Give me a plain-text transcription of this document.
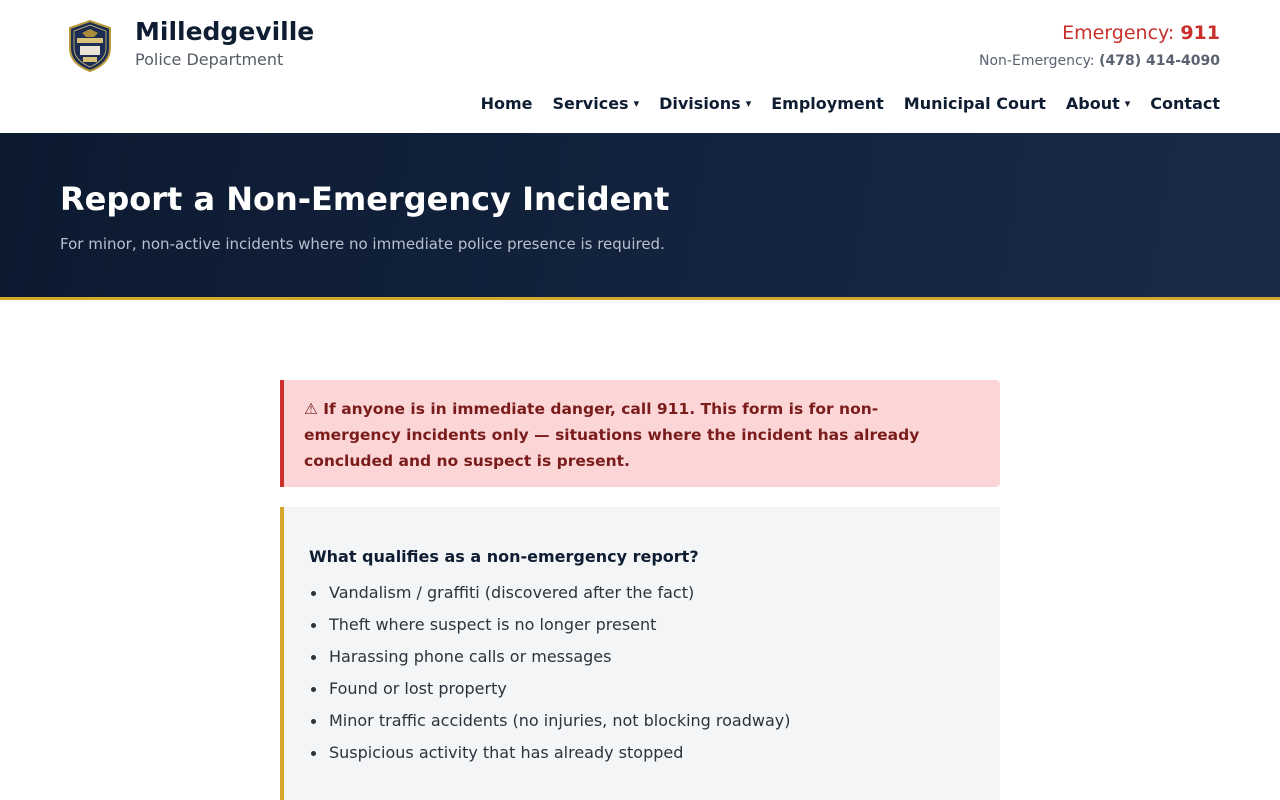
Milledgeville
Police Department
Emergency: 911
Non-Emergency: (478) 414-4090
Home Services ▾ Divisions ▾ Employment Municipal Court About ▾ Contact
Report a Non-Emergency Incident

For minor, non-active incidents where no immediate police presence is required.

⚠ If anyone is in immediate danger, call 911. This form is for non-emergency incidents only — situations where the incident has already concluded and no suspect is present.
What qualifies as a non-emergency report?
Vandalism / graffiti (discovered after the fact)
Theft where suspect is no longer present
Harassing phone calls or messages
Found or lost property
Minor traffic accidents (no injuries, not blocking roadway)
Suspicious activity that has already stopped
